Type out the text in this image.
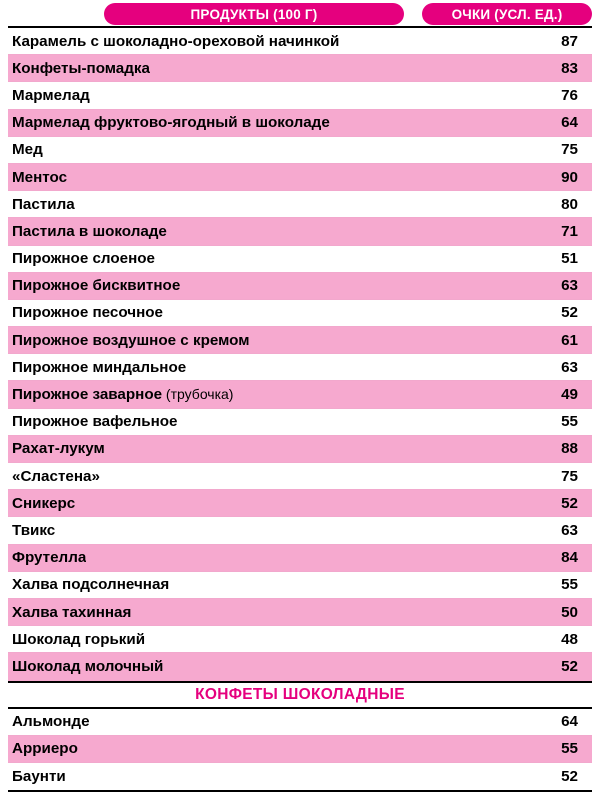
ПРОДУКТЫ (100 Г)	ОЧКИ (УСЛ. ЕД.)
Карамель с шоколадно-ореховой начинкой	87
Конфеты-помадка	83
Мармелад	76
Мармелад фруктово-ягодный в шоколаде	64
Мед	75
Ментос	90
Пастила	80
Пастила в шоколаде	71
Пирожное слоеное	51
Пирожное бисквитное	63
Пирожное песочное	52
Пирожное воздушное с кремом	61
Пирожное миндальное	63
Пирожное заварное (трубочка)	49
Пирожное вафельное	55
Рахат-лукум	88
«Сластена»	75
Сникерс	52
Твикс	63
Фрутелла	84
Халва подсолнечная	55
Халва тахинная	50
Шоколад горький	48
Шоколад молочный	52
КОНФЕТЫ ШОКОЛАДНЫЕ
Альмонде	64
Арриеро	55
Баунти	52
